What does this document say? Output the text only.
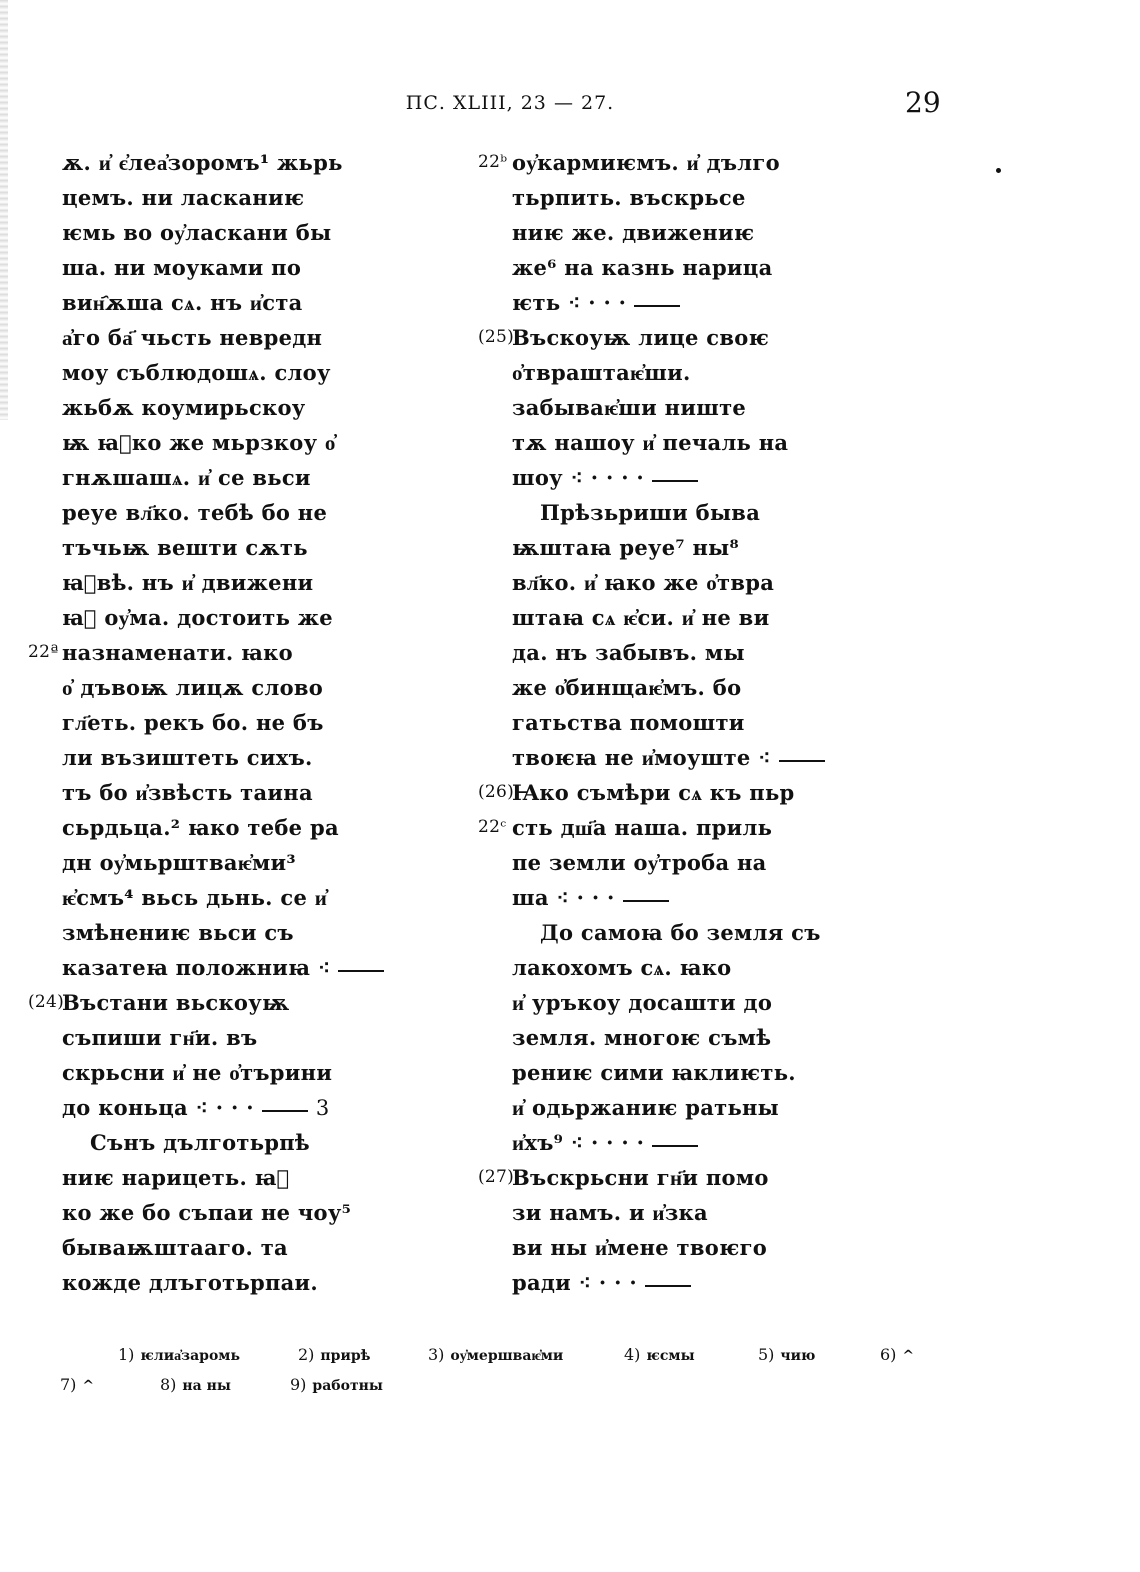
ПС. XLIII, 23 — 27.	29
ѫ. и҆ є҆леа҆зоромъ¹ жьрь
цемъ. ни ласканиѥ
ѥмь во оу҆ласкани бы
ша. ни моуками по
вин҄ѫша сѧ. нъ и҆ста
а҆го ба҃ чьсть невредн
моу съблюдошѧ. слоу
жьбѫ коумирьскоу
ѭ ꙗ҆ко же мьрзкоу о҆
гнѫшашѧ. и҆ се вьси
реуе вл҃ко. тебѣ бо не
тъчьѭ вешти сѫть
ꙗ҆вѣ. нъ и҆ движени
ꙗ҆ оу҆ма. достоить же
22ª назнаменати. ꙗко
о҆ дъвоѭ лицѫ слово
гл҃еть. рекъ бо. не бъ
ли възиштеть сихъ.
тъ бо и҆звѣсть таина
сьрдьца.² ꙗко тебе ра
дн оу҆мьрштваѥ҆ми³
ѥ҆смъ⁴ вьсь дьнь. се и҆
змѣнениѥ вьси съ
казатеꙗ положниꙗ ⁖
(24)
Въстани вьскоуѭ
съпиши гн҃и. въ
скрьсни и҆ не о҆търини
до коньца ⁖ · · ·	3
Сънъ дълготьрпѣ
ниѥ нарицеть. ꙗ҆
ко же бо съпаи не чоу⁵
бываѭштааго. та
кожде длъготьрпаи.
22ᵇ оу҆кармиѥмъ. и҆ дълго
тьрпить. въскрьсе
ниѥ же. движениѥ
же⁶ на казнь нарица
ѥть ⁖ · · ·
(25)
Въскоуѭ лице своѥ
о҆твраштаѥ҆ши.
забываѥ҆ши ниште
тѫ нашоу и҆ печаль на
шоу ⁖ · · · ·
Прѣзьриши быва
ѭштаꙗ реуе⁷ ны⁸
вл҃ко. и҆ ꙗко же о҆твра
штаꙗ сѧ ѥ҆си. и҆ не ви
да. нъ забывъ. мы
же о҆бинщаѥ҆мъ. бо
гатьства помошти
твоѥꙗ не и҆моуште ⁖
(26)
Ꙗко съмѣри сѧ къ пьр
22ᶜ сть дш҃а наша. приль
пе земли оу҆троба на
ша ⁖ · · ·
До самоꙗ бо земля съ
лакохомъ сѧ. ꙗко
и҆ уръкоу досашти до
земля. многоѥ съмѣ
рениѥ сими ꙗклиѥть.
и҆ одьржаниѥ ратьны
и҆хъ⁹ ⁖ · · · ·
(27)
Въскрьсни гн҃и помо
зи намъ. и и҆зка
ви ны и҆мене твоѥго
ради ⁖ · · ·
1) ѥлиа҆заромь	2) прирѣ	3) оу҆мершваѥ҆ми	4) ѥсмы	5) чию	6) ^
7) ^	8) на ны	9) работны
